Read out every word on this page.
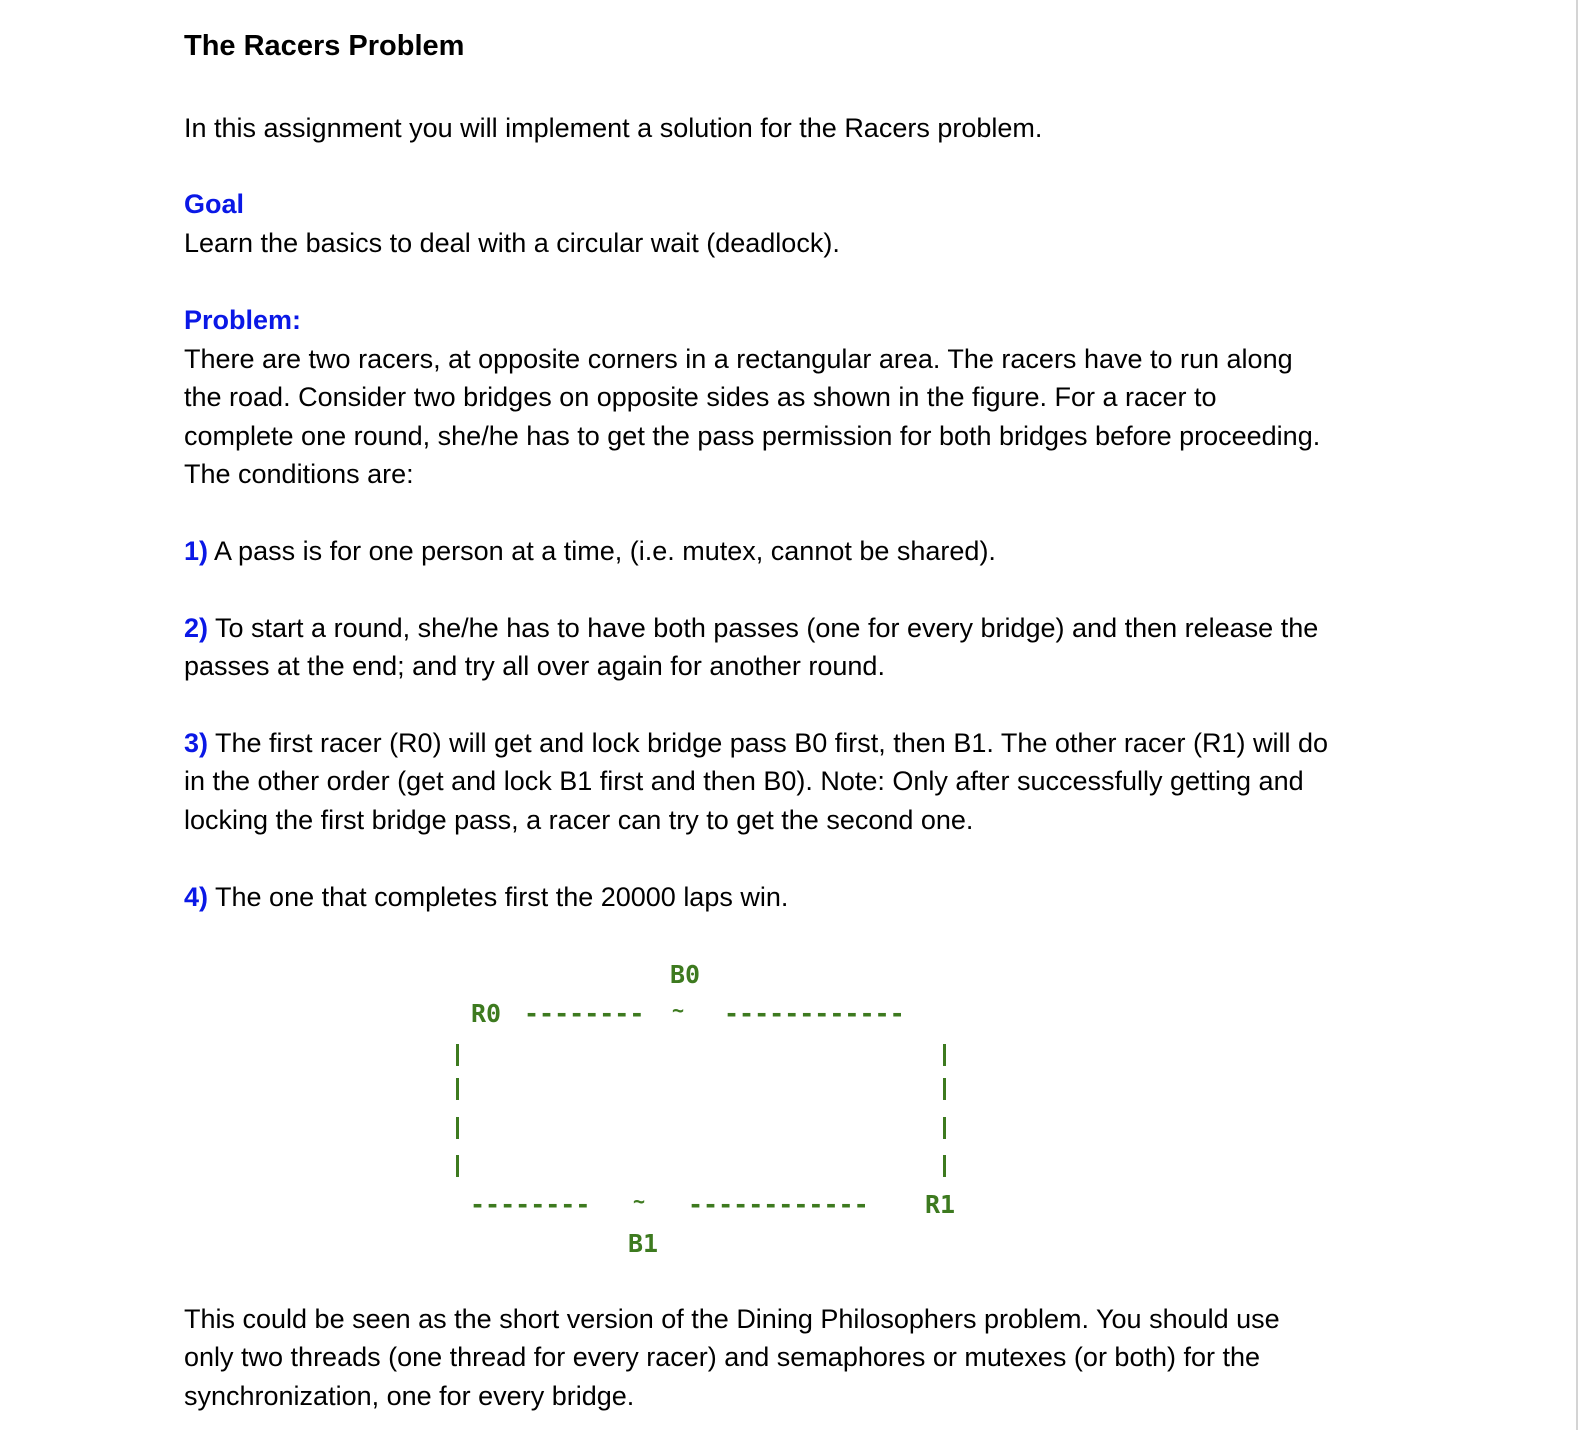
The Racers Problem
In this assignment you will implement a solution for the Racers problem.
Goal
Learn the basics to deal with a circular wait (deadlock).
Problem:
There are two racers, at opposite corners in a rectangular area. The racers have to run along
the road. Consider two bridges on opposite sides as shown in the figure. For a racer to
complete one round, she/he has to get the pass permission for both bridges before proceeding.
The conditions are:
1) A pass is for one person at a time, (i.e. mutex, cannot be shared).
2) To start a round, she/he has to have both passes (one for every bridge) and then release the
passes at the end; and try all over again for another round.
3) The first racer (R0) will get and lock bridge pass B0 first, then B1. The other racer (R1) will do
in the other order (get and lock B1 first and then B0). Note: Only after successfully getting and
locking the first bridge pass, a racer can try to get the second one.
4) The one that completes first the 20000 laps win.
B0
R0 -------- ~ ------------
-------- ~ ------------ R1
B1
This could be seen as the short version of the Dining Philosophers problem. You should use
only two threads (one thread for every racer) and semaphores or mutexes (or both) for the
synchronization, one for every bridge.
